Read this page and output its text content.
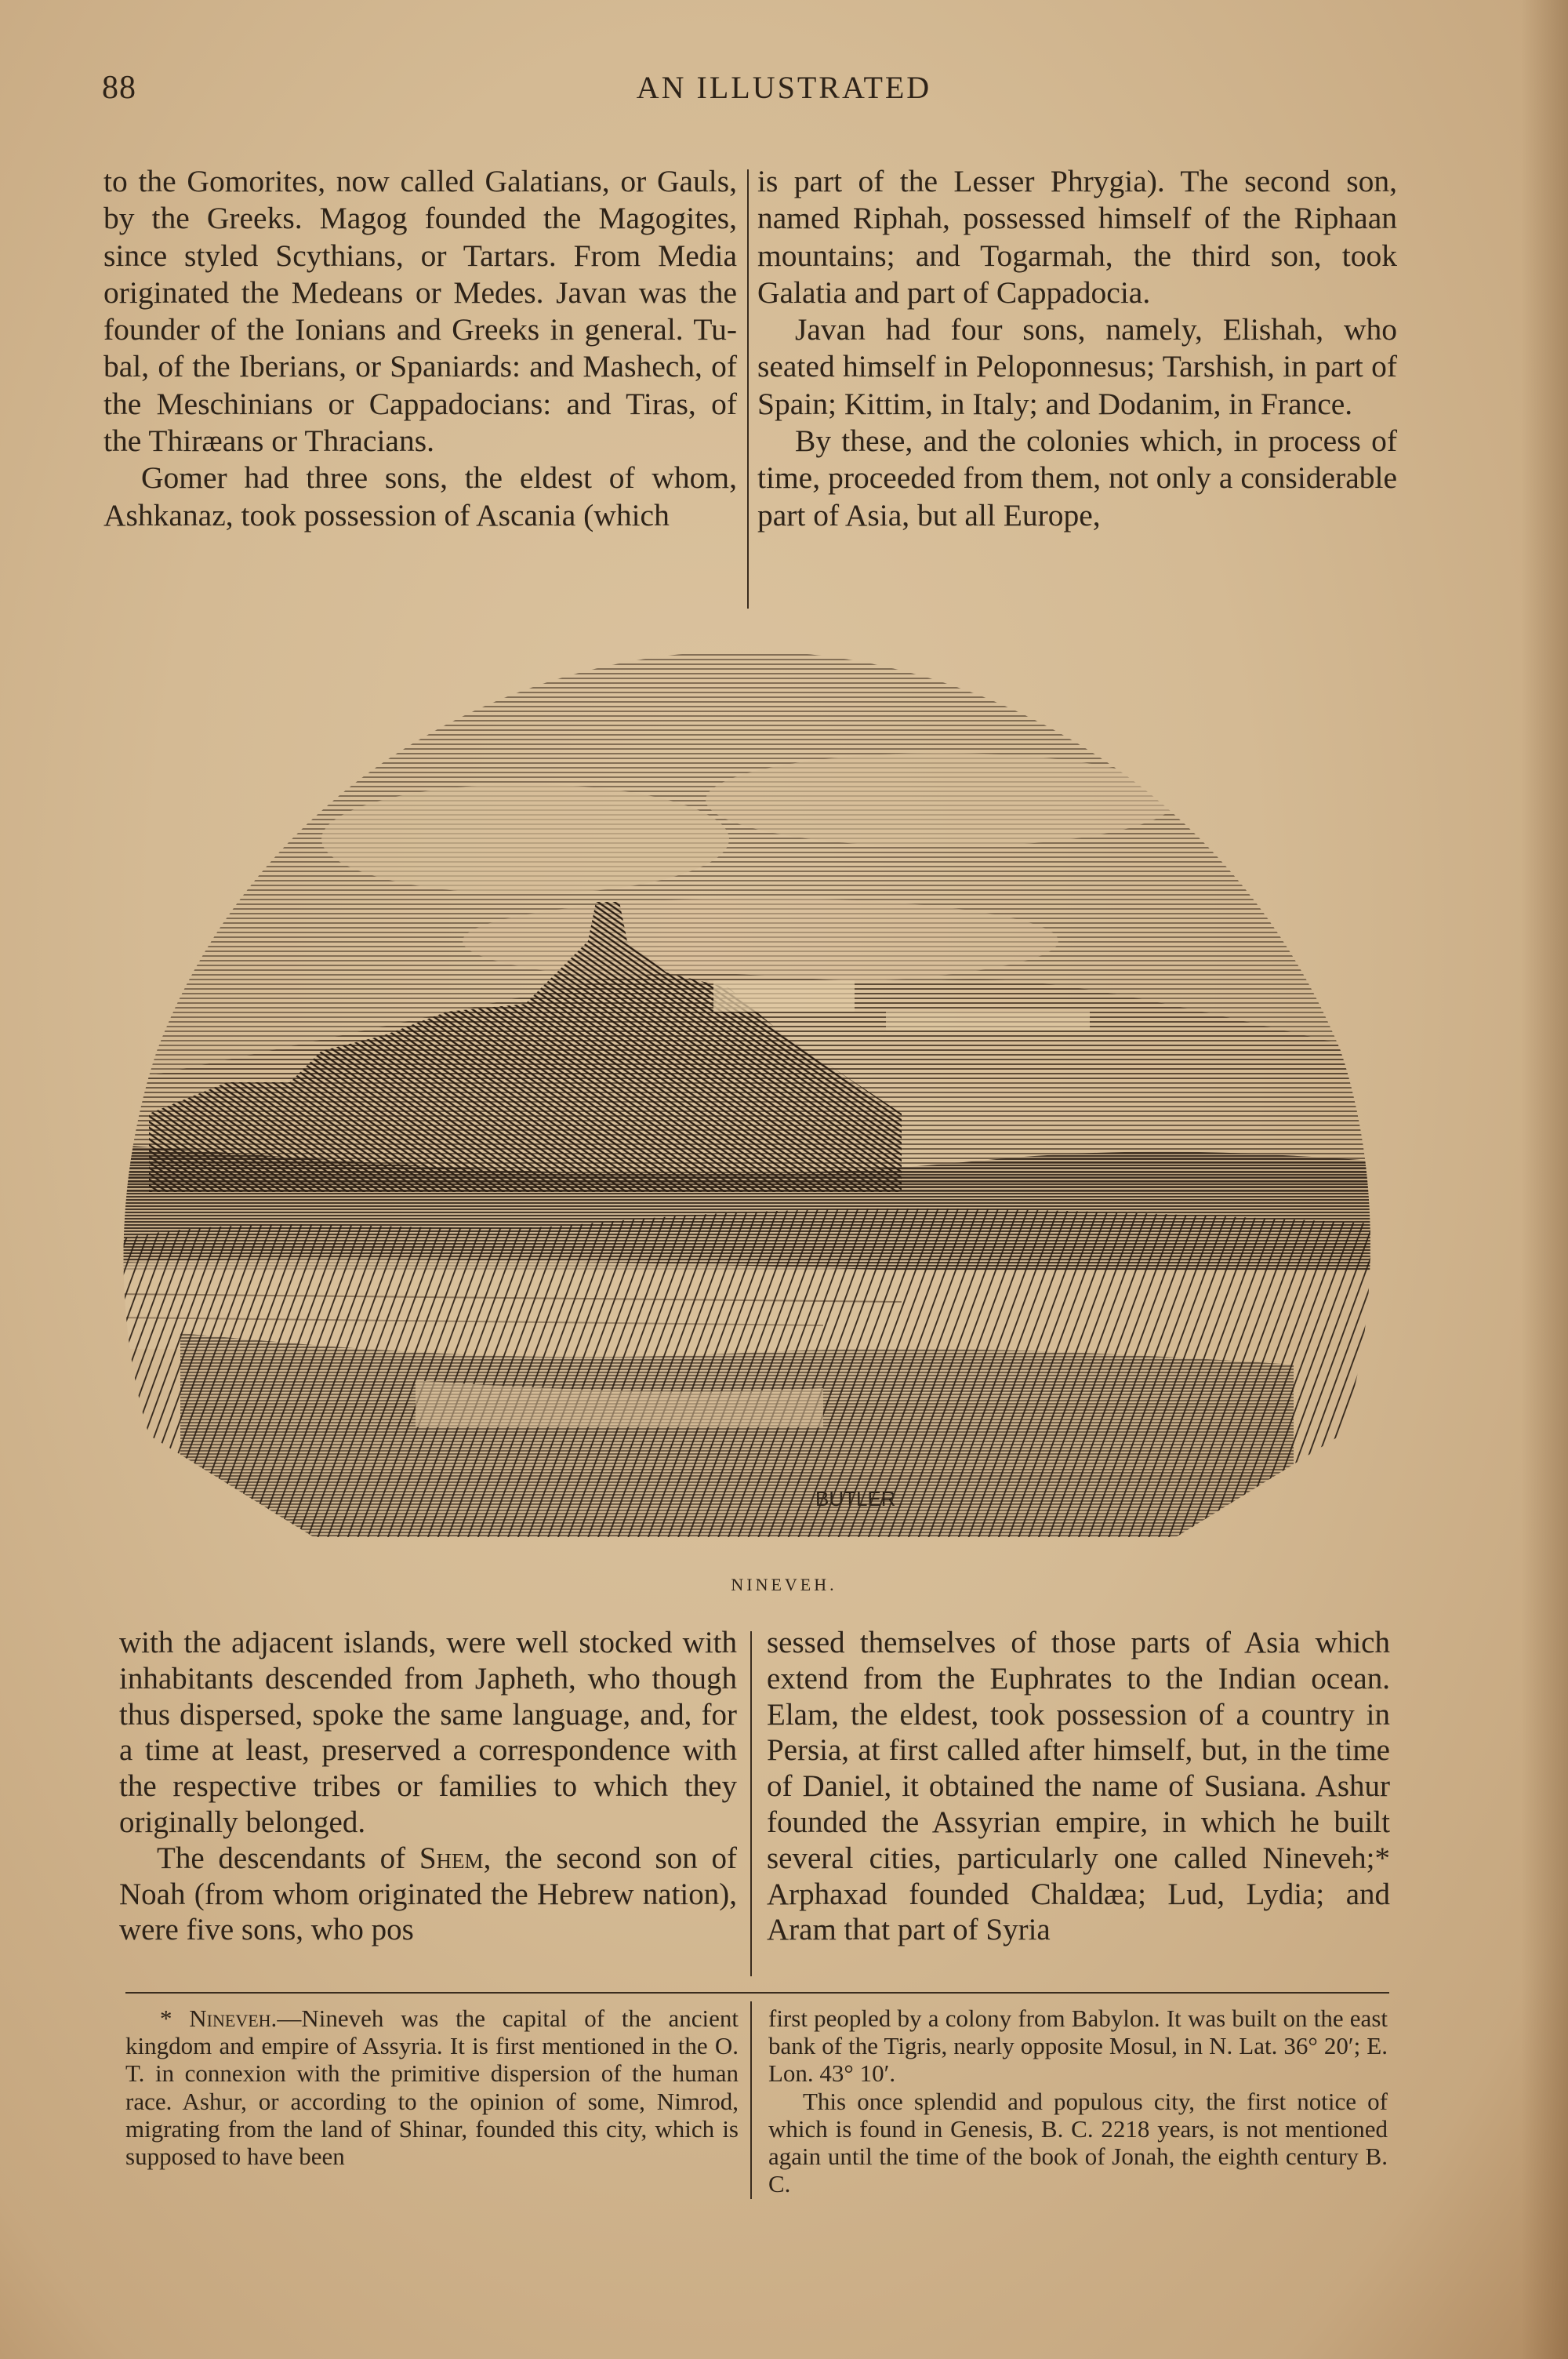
88	AN ILLUSTRATED

to the Gomorites, now called Galatians, or Gauls, by the Greeks. Magog founded the Magogites, since styled Scythians, or Tartars. From Media originated the Medeans or Medes. Javan was the founder of the Ionians and Greeks in general. Tubal, of the Iberians, or Spaniards: and Mashech, of the Meschinians or Cappadocians: and Tiras, of the Thiræans or Thracians.

Gomer had three sons, the eldest of whom, Ashkanaz, took possession of Ascania (which

is part of the Lesser Phrygia). The second son, named Riphah, possessed himself of the Riphaan mountains; and Togarmah, the third son, took Galatia and part of Cappadocia.

Javan had four sons, namely, Elishah, who seated himself in Peloponnesus; Tarshish, in part of Spain; Kittim, in Italy; and Dodanim, in France.

By these, and the colonies which, in process of time, proceeded from them, not only a considerable part of Asia, but all Europe,

BUTLER
NINEVEH.

with the adjacent islands, were well stocked with inhabitants descended from Japheth, who though thus dispersed, spoke the same language, and, for a time at least, preserved a correspondence with the respective tribes or families to which they originally belonged.

The descendants of Shem, the second son of Noah (from whom originated the Hebrew nation), were five sons, who pos

sessed themselves of those parts of Asia which extend from the Euphrates to the Indian ocean. Elam, the eldest, took possession of a country in Persia, at first called after himself, but, in the time of Daniel, it obtained the name of Susiana. Ashur founded the Assyrian empire, in which he built several cities, particularly one called Nineveh;* Arphaxad founded Chaldæa; Lud, Lydia; and Aram that part of Syria

* Nineveh.—Nineveh was the capital of the ancient kingdom and empire of Assyria. It is first mentioned in the O. T. in connexion with the primitive dispersion of the human race. Ashur, or according to the opinion of some, Nimrod, migrating from the land of Shinar, founded this city, which is supposed to have been

first peopled by a colony from Babylon. It was built on the east bank of the Tigris, nearly opposite Mosul, in N. Lat. 36° 20′; E. Lon. 43° 10′.

This once splendid and populous city, the first notice of which is found in Genesis, B. C. 2218 years, is not mentioned again until the time of the book of Jonah, the eighth century B. C.
